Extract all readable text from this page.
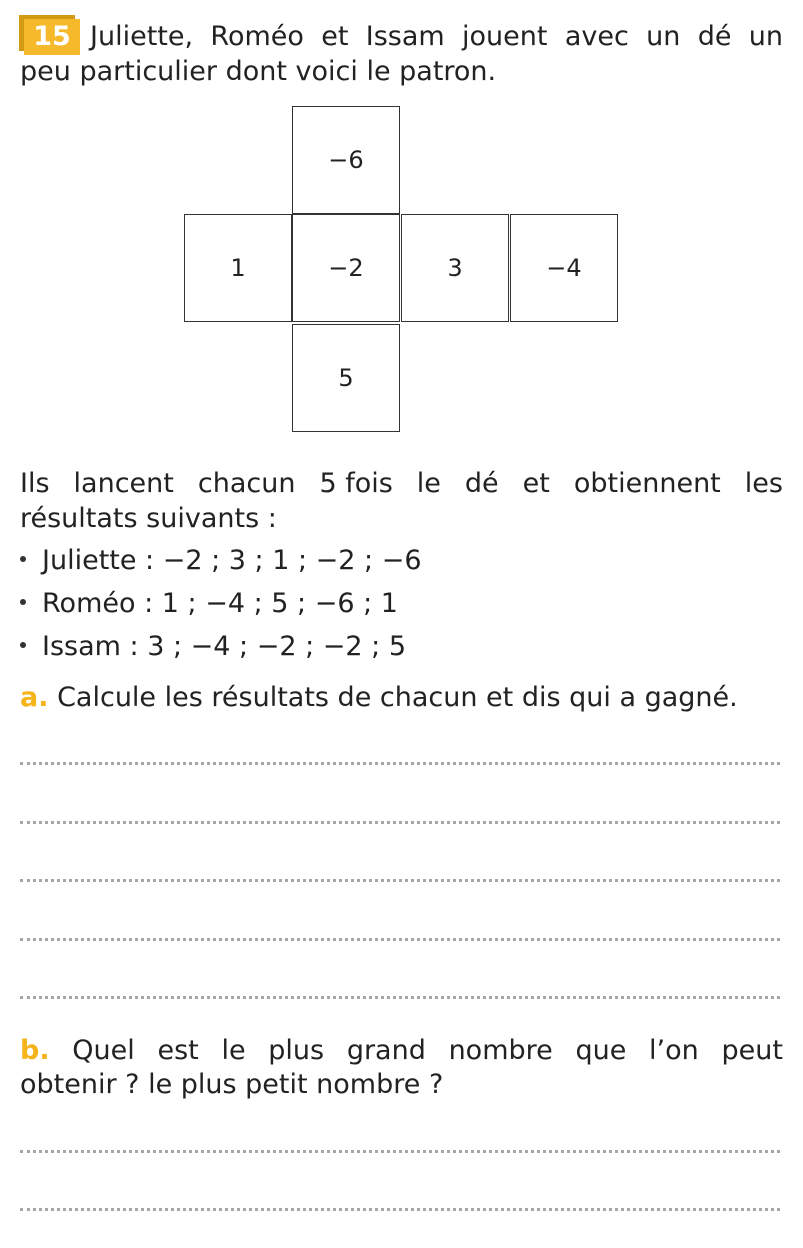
15 Juliette, Roméo et Issam jouent avec un dé un
peu particulier dont voici le patron.
−6
1	−2	3	−4
5
Ils lancent chacun 5 fois le dé et obtiennent les
résultats suivants :
Juliette : −2 ; 3 ; 1 ; −2 ; −6
Roméo : 1 ; −4 ; 5 ; −6 ; 1
Issam : 3 ; −4 ; −2 ; −2 ; 5
a. Calcule les résultats de chacun et dis qui a gagné.
b. Quel est le plus grand nombre que l’on peut
obtenir ? le plus petit nombre ?
